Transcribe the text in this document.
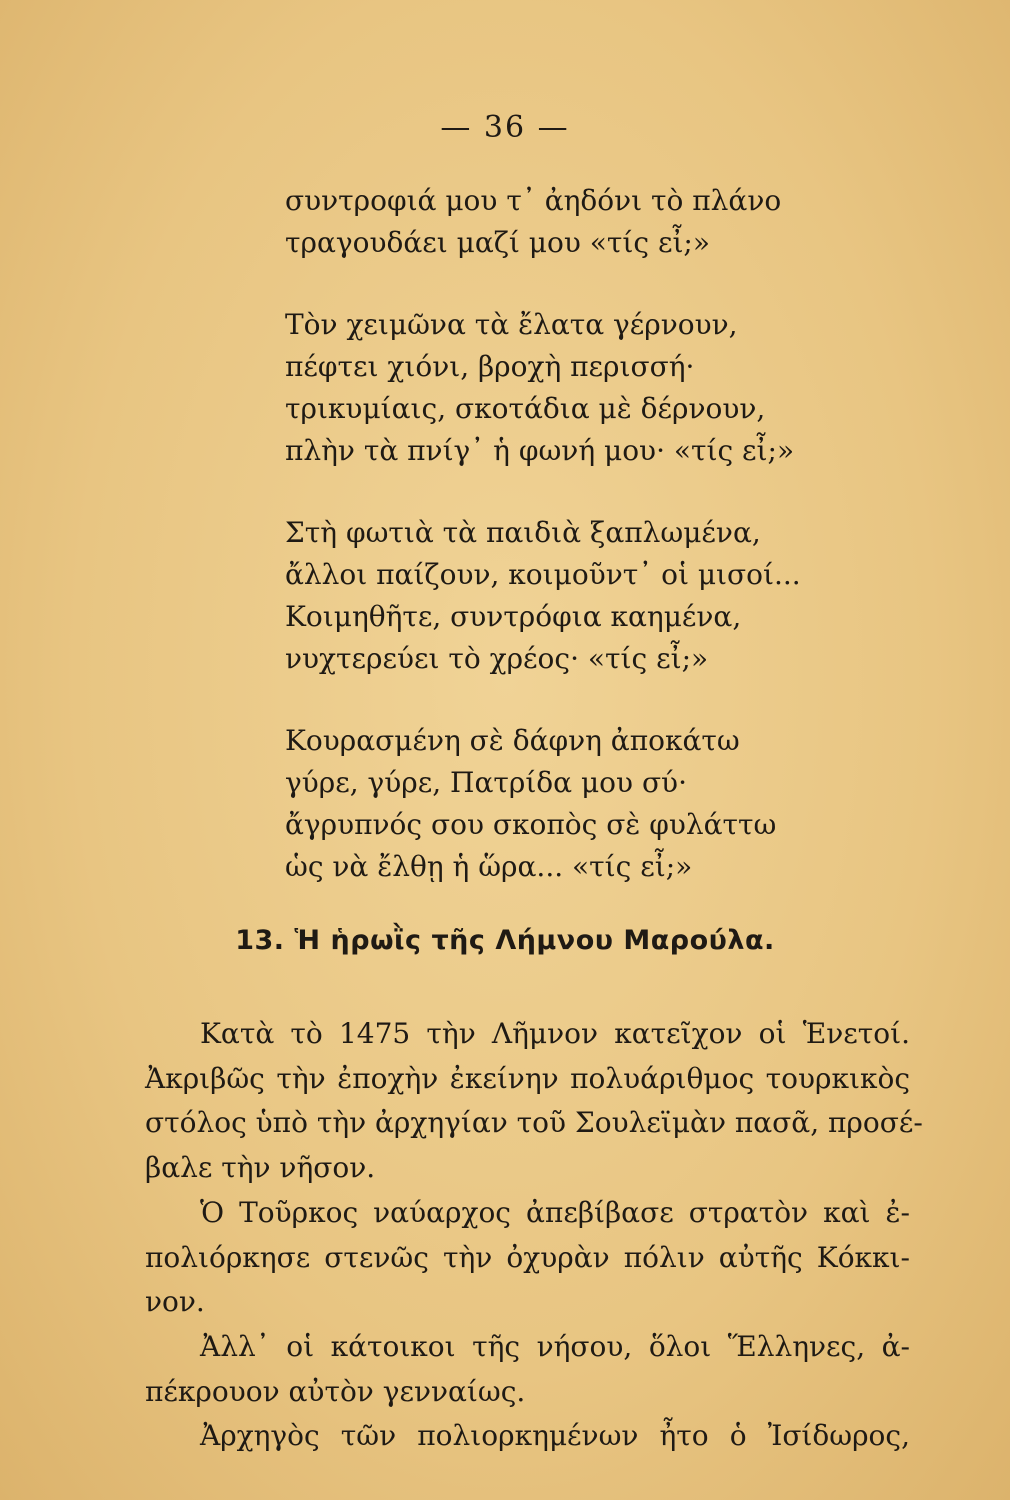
— 36 —
συντροφιά μου τ᾽ ἀηδόνι τὸ πλάνο
τραγουδάει μαζί μου «τίς εἶ;»
Τὸν χειμῶνα τὰ ἔλατα γέρνουν,
πέφτει χιόνι, βροχὴ περισσή·
τρικυμίαις, σκοτάδια μὲ δέρνουν,
πλὴν τὰ πνίγ᾽ ἡ φωνή μου· «τίς εἶ;»
Στὴ φωτιὰ τὰ παιδιὰ ξαπλωμένα,
ἄλλοι παίζουν, κοιμοῦντ᾽ οἱ μισοί...
Κοιμηθῆτε, συντρόφια καημένα,
νυχτερεύει τὸ χρέος· «τίς εἶ;»
Κουρασμένη σὲ δάφνη ἀποκάτω
γύρε, γύρε, Πατρίδα μου σύ·
ἄγρυπνός σου σκοπὸς σὲ φυλάττω
ὡς νὰ ἔλθῃ ἡ ὥρα... «τίς εἶ;»
13. Ἡ ἡρωῒς τῆς Λήμνου Μαρούλα.
Κατὰ τὸ 1475 τὴν Λῆμνον κατεῖχον οἱ Ἑνετοί.
Ἀκριβῶς τὴν ἐποχὴν ἐκείνην πολυάριθμος τουρκικὸς
στόλος ὑπὸ τὴν ἀρχηγίαν τοῦ Σουλεϊμὰν πασᾶ, προσέ-
βαλε τὴν νῆσον.
Ὁ Τοῦρκος ναύαρχος ἀπεβίβασε στρατὸν καὶ ἐ-
πολιόρκησε στενῶς τὴν ὀχυρὰν πόλιν αὐτῆς Κόκκι-
νον.
Ἀλλ᾽ οἱ κάτοικοι τῆς νήσου, ὅλοι Ἕλληνες, ἀ-
πέκρουον αὐτὸν γενναίως.
Ἀρχηγὸς τῶν πολιορκημένων ἦτο ὁ Ἰσίδωρος,
